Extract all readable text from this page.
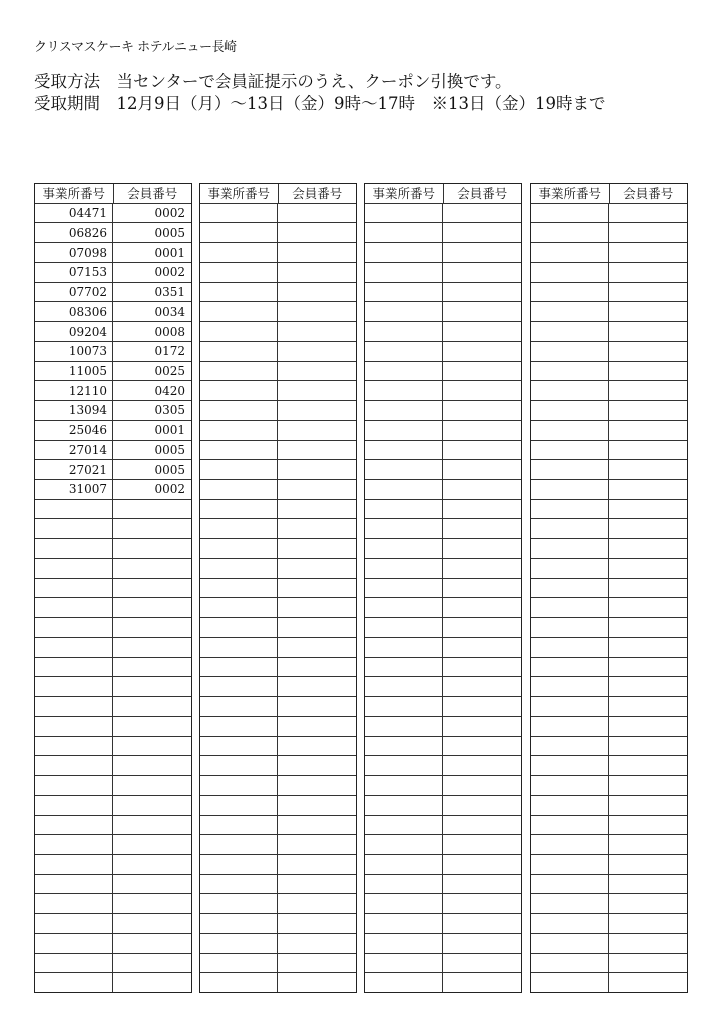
クリスマスケーキ ホテルニュー長崎
受取方法　当センターで会員証提示のうえ、クーポン引換です。
受取期間　12月9日（月）～13日（金）9時～17時　※13日（金）19時まで
事業所番号	会員番号
04471	0002
06826	0005
07098	0001
07153	0002
07702	0351
08306	0034
09204	0008
10073	0172
11005	0025
12110	0420
13094	0305
25046	0001
27014	0005
27021	0005
31007	0002
事業所番号	会員番号	事業所番号	会員番号	事業所番号	会員番号
